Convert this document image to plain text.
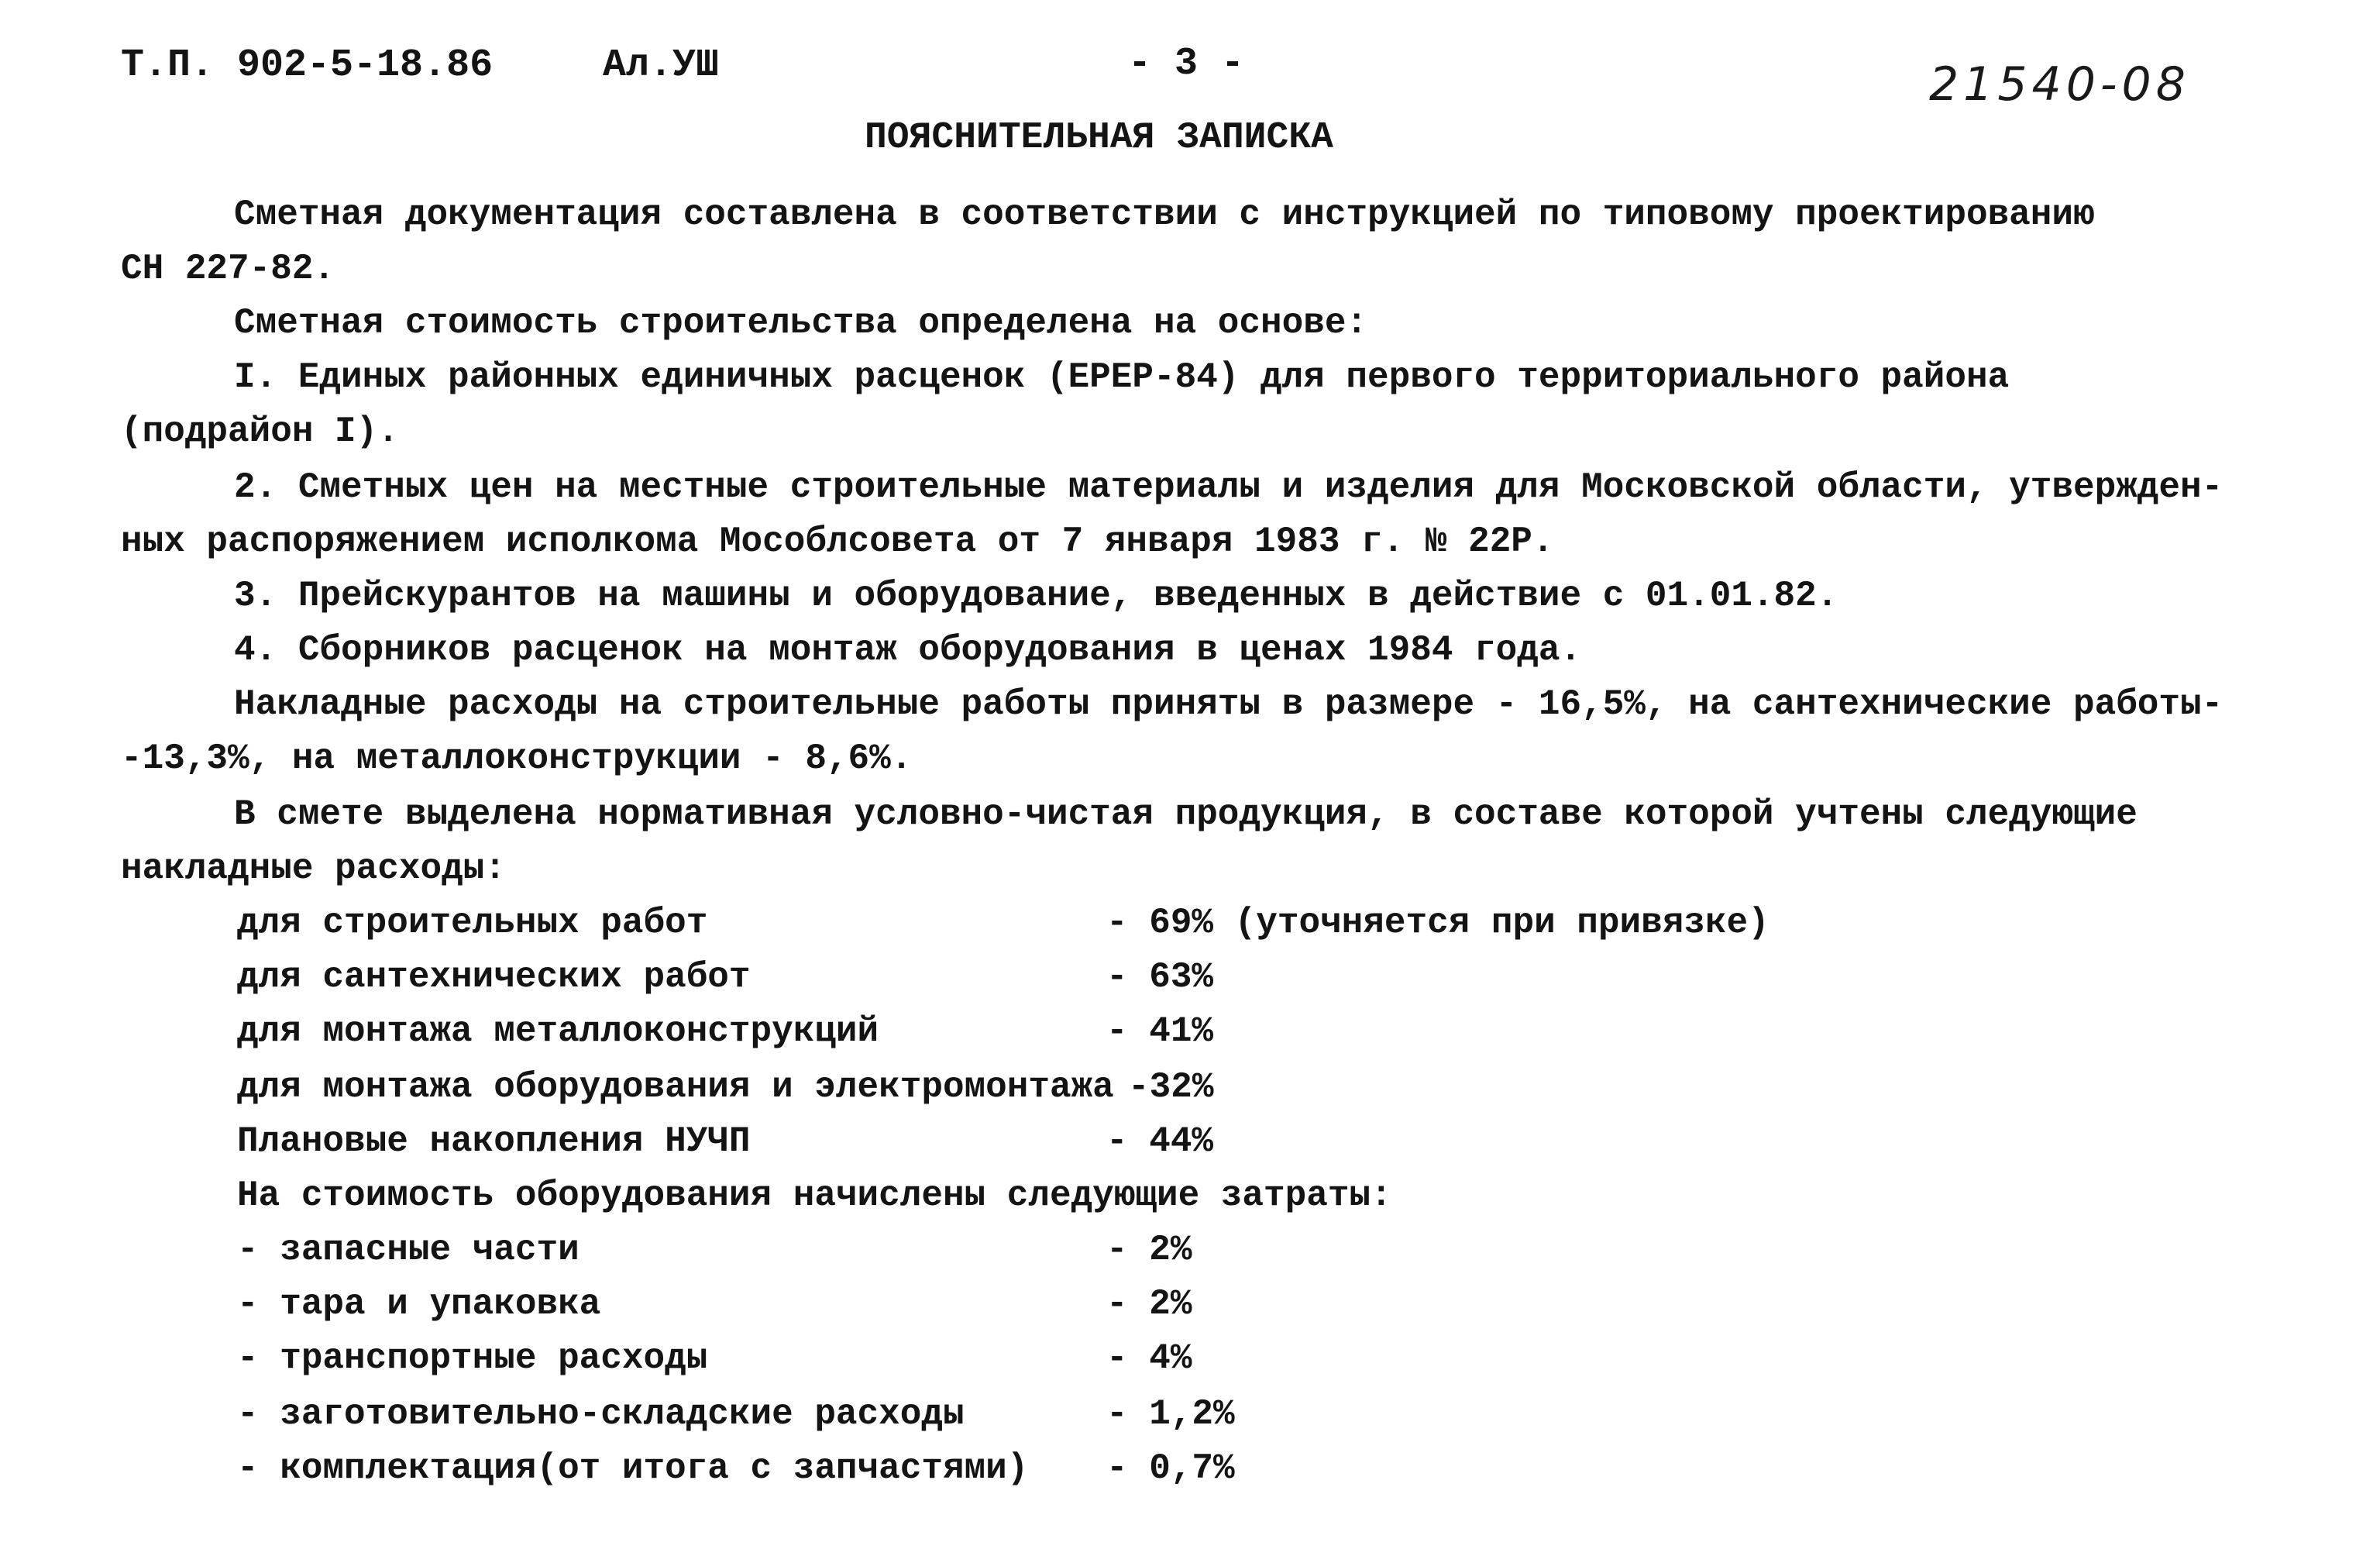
Т.П. 902-5-18.86	Ал.УШ	- 3 -	21540-08
ПОЯСНИТЕЛЬНАЯ ЗАПИСКА
Сметная документация составлена в соответствии с инструкцией по типовому проектированию
СН 227-82.
Сметная стоимость строительства определена на основе:
I. Единых районных единичных расценок (ЕРЕР-84) для первого территориального района
(подрайон I).
2. Сметных цен на местные строительные материалы и изделия для Московской области, утвержден-
ных распоряжением исполкома Мособлсовета от 7 января 1983 г. № 22Р.
3. Прейскурантов на машины и оборудование, введенных в действие с 01.01.82.
4. Сборников расценок на монтаж оборудования в ценах 1984 года.
Накладные расходы на строительные работы приняты в размере - 16,5%, на сантехнические работы-
-13,3%, на металлоконструкции - 8,6%.
В смете выделена нормативная условно-чистая продукция, в составе которой учтены следующие
накладные расходы:
для строительных работ	- 69% (уточняется при привязке)
для сантехнических работ	- 63%
для монтажа металлоконструкций	- 41%
для монтажа оборудования и электромонтажа -32%
Плановые накопления НУЧП	- 44%
На стоимость оборудования начислены следующие затраты:
- запасные части	- 2%
- тара и упаковка	- 2%
- транспортные расходы	- 4%
- заготовительно-складские расходы	- 1,2%
- комплектация(от итога с запчастями) - 0,7%
